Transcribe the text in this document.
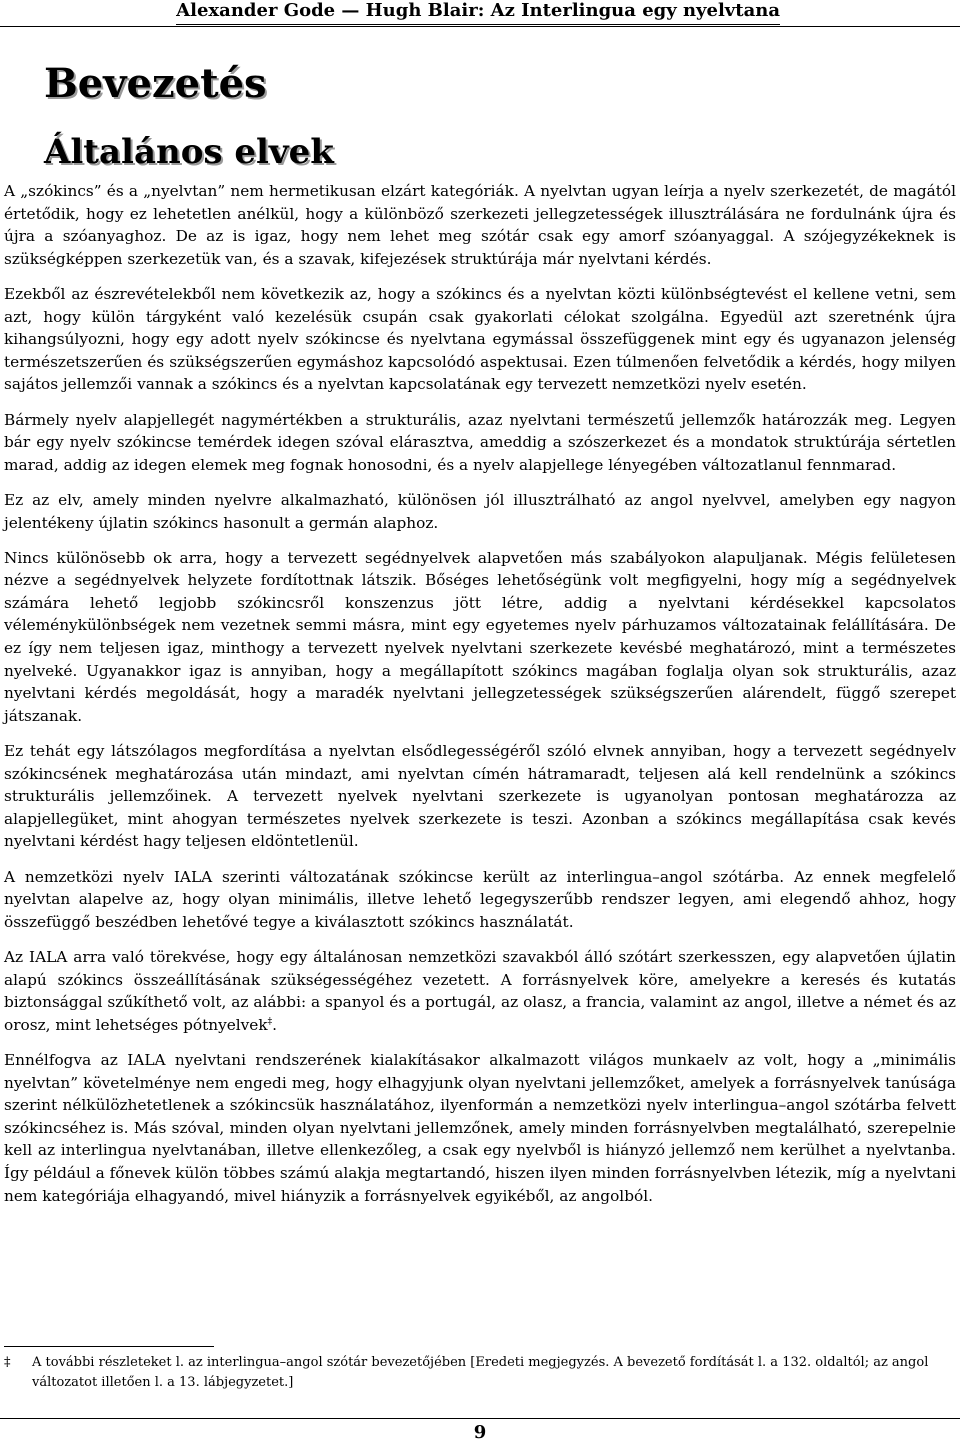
Alexander Gode — Hugh Blair: Az Interlingua egy nyelvtana
Bevezetés
Általános elvek

A „szókincs” és a „nyelvtan” nem hermetikusan elzárt kategóriák. A nyelvtan ugyan leírja a nyelv szerkezetét, de magától értetődik, hogy ez lehetetlen anélkül, hogy a különböző szerkezeti jellegzetességek illusztrálására ne fordulnánk újra és újra a szóanyaghoz. De az is igaz, hogy nem lehet meg szótár csak egy amorf szóanyaggal. A szójegyzékeknek is szükségképpen szerkezetük van, és a szavak, kifejezések struktúrája már nyelvtani kérdés.

Ezekből az észrevételekből nem következik az, hogy a szókincs és a nyelvtan közti különbségtevést el kellene vetni, sem azt, hogy külön tárgyként való kezelésük csupán csak gyakorlati célokat szolgálna. Egyedül azt szeretnénk újra kihangsúlyozni, hogy egy adott nyelv szókincse és nyelvtana egymással összefüggenek mint egy és ugyanazon jelenség természetszerűen és szükségszerűen egymáshoz kapcsolódó aspektusai. Ezen túlmenően felvetődik a kérdés, hogy milyen sajátos jellemzői vannak a szókincs és a nyelvtan kapcsolatának egy tervezett nemzetközi nyelv esetén.

Bármely nyelv alapjellegét nagymértékben a strukturális, azaz nyelvtani természetű jellemzők határozzák meg. Legyen bár egy nyelv szókincse temérdek idegen szóval elárasztva, ameddig a szószerkezet és a mondatok struktúrája sértetlen marad, addig az idegen elemek meg fognak honosodni, és a nyelv alapjellege lényegében változatlanul fennmarad.

Ez az elv, amely minden nyelvre alkalmazható, különösen jól illusztrálható az angol nyelvvel, amelyben egy nagyon jelentékeny újlatin szókincs hasonult a germán alaphoz.

Nincs különösebb ok arra, hogy a tervezett segédnyelvek alapvetően más szabályokon alapuljanak. Mégis felületesen nézve a segédnyelvek helyzete fordítottnak látszik. Bőséges lehetőségünk volt megfigyelni, hogy míg a segédnyelvek számára lehető legjobb szókincsről konszenzus jött létre, addig a nyelvtani kérdésekkel kapcsolatos véleménykülönbségek nem vezetnek semmi másra, mint egy egyetemes nyelv párhuzamos változatainak felállítására. De ez így nem teljesen igaz, minthogy a tervezett nyelvek nyelvtani szerkezete kevésbé meghatározó, mint a természetes nyelveké. Ugyanakkor igaz is annyiban, hogy a megállapított szókincs magában foglalja olyan sok strukturális, azaz nyelvtani kérdés megoldását, hogy a maradék nyelvtani jellegzetességek szükségszerűen alárendelt, függő szerepet játszanak.

Ez tehát egy látszólagos megfordítása a nyelvtan elsődlegességéről szóló elvnek annyiban, hogy a tervezett segédnyelv szókincsének meghatározása után mindazt, ami nyelvtan címén hátramaradt, teljesen alá kell rendelnünk a szókincs strukturális jellemzőinek. A tervezett nyelvek nyelvtani szerkezete is ugyanolyan pontosan meghatározza az alapjellegüket, mint ahogyan természetes nyelvek szerkezete is teszi. Azonban a szókincs megállapítása csak kevés nyelvtani kérdést hagy teljesen eldöntetlenül.

A nemzetközi nyelv IALA szerinti változatának szókincse került az interlingua–angol szótárba. Az ennek megfelelő nyelvtan alapelve az, hogy olyan minimális, illetve lehető legegyszerűbb rendszer legyen, ami elegendő ahhoz, hogy összefüggő beszédben lehetővé tegye a kiválasztott szókincs használatát.

Az IALA arra való törekvése, hogy egy általánosan nemzetközi szavakból álló szótárt szerkesszen, egy alapvetően újlatin alapú szókincs összeállításának szükségességéhez vezetett. A forrásnyelvek köre, amelyekre a keresés és kutatás biztonsággal szűkíthető volt, az alábbi: a spanyol és a portugál, az olasz, a francia, valamint az angol, illetve a német és az orosz, mint lehetséges pótnyelvek‡.

Ennélfogva az IALA nyelvtani rendszerének kialakításakor alkalmazott világos munkaelv az volt, hogy a „minimális nyelvtan” követelménye nem engedi meg, hogy elhagyjunk olyan nyelvtani jellemzőket, amelyek a forrásnyelvek tanúsága szerint nélkülözhetetlenek a szókincsük használatához, ilyenformán a nemzetközi nyelv interlingua–angol szótárba felvett szókincséhez is. Más szóval, minden olyan nyelvtani jellemzőnek, amely minden forrásnyelvben megtalálható, szerepelnie kell az interlingua nyelvtanában, illetve ellenkezőleg, a csak egy nyelvből is hiányzó jellemző nem kerülhet a nyelvtanba. Így például a főnevek külön többes számú alakja megtartandó, hiszen ilyen minden forrásnyelvben létezik, míg a nyelvtani nem kategóriája elhagyandó, mivel hiányzik a forrásnyelvek egyikéből, az angolból.

‡	A további részleteket l. az interlingua–angol szótár bevezetőjében [Eredeti megjegyzés. A bevezető fordítását l. a 132. oldaltól; az angol változatot illetően l. a 13. lábjegyzetet.]
9
